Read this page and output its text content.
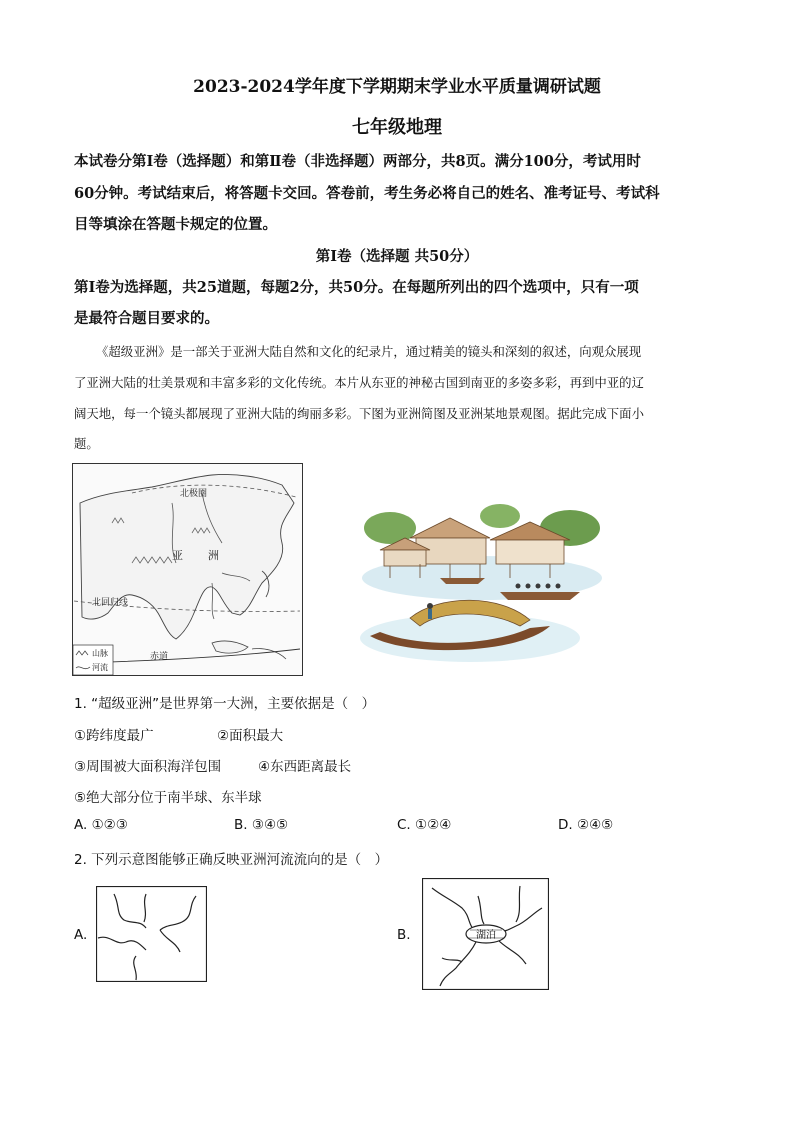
2023-2024学年度下学期期末学业水平质量调研试题
七年级地理
本试卷分第Ⅰ卷（选择题）和第Ⅱ卷（非选择题）两部分，共8页。满分100分，考试用时
60分钟。考试结束后，将答题卡交回。答卷前，考生务必将自己的姓名、准考证号、考试科
目等填涂在答题卡规定的位置。
第Ⅰ卷（选择题 共50分）
第Ⅰ卷为选择题，共25道题，每题2分，共50分。在每题所列出的四个选项中，只有一项
是最符合题目要求的。
《超级亚洲》是一部关于亚洲大陆自然和文化的纪录片，通过精美的镜头和深刻的叙述，向观众展现
了亚洲大陆的壮美景观和丰富多彩的文化传统。本片从东亚的神秘古国到南亚的多姿多彩，再到中亚的辽
阔天地，每一个镜头都展现了亚洲大陆的绚丽多彩。下图为亚洲简图及亚洲某地景观图。据此完成下面小
题。
北极圈
亚 洲
北回归线
赤道
山脉
河流
1. “超级亚洲”是世界第一大洲，主要依据是（　）
①跨纬度最广	②面积最大
③周围被大面积海洋包围	④东西距离最长
⑤绝大部分位于南半球、东半球
A. ①②③	B. ③④⑤	C. ①②④	D. ②④⑤
2. 下列示意图能够正确反映亚洲河流流向的是（　）
A.	B.	湖泊
